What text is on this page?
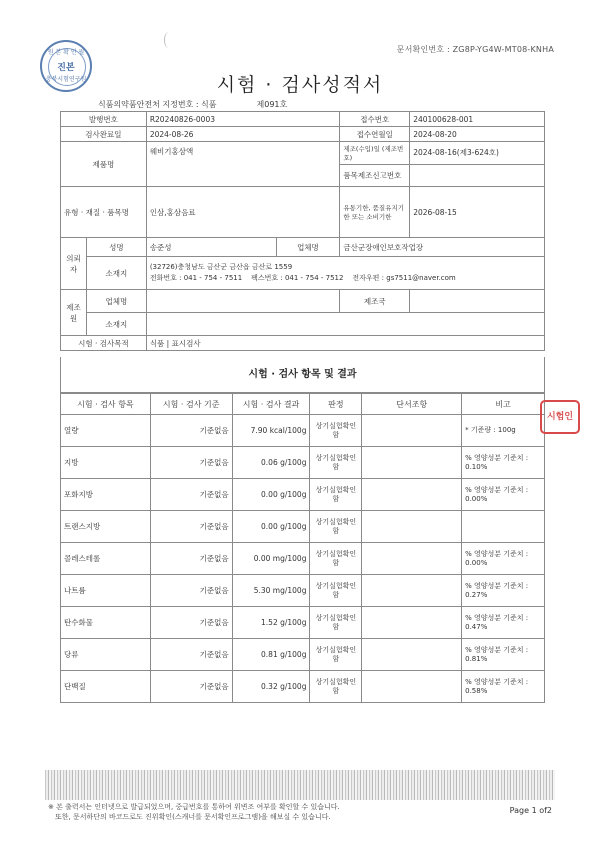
문서확인번호 : ZG8P-YG4W-MT08-KNHA
원 본 확 인 필
진본
충북시험연구원	시험 · 검사성적서
식품의약품안전처 지정번호 : 식품	제091호
발행번호		R20240826-0003		접수번호	240100628-001
검사완료일		2024-08-26		접수연월일	2024-08-20
제품명		웨비기홍삼액		제조(수입)일 (제조번호)	2024-08-16(제3-624호)
				품목제조신고번호	
유형 · 재질 · 품목명		인삼,홍삼음료		유통기한, 품질유지기한 또는 소비기한	2026-08-15
의뢰자	성명	송준성	업체명	금산군장애인보호작업장	
	소재지	(32726)충청남도 금산군 금산읍 금산로 1559
전화번호 : 041 - 754 - 7511 팩스번호 : 041 - 754 - 7512 전자우편 : gs7511@naver.com			

제조원	업체명			제조국	
	소재지				
시험 · 검사목적		식품 | 표시검사			
시험 · 검사 항목 및 결과
시험 · 검사 항목	시험 · 검사 기준	시험 · 검사 결과	판정	단서조항	비고
열량	기준없음	7.90 kcal/100g	상기실험확인함		* 기준량 : 100g
지방	기준없음	0.06 g/100g	상기실험확인함		% 영양성분 기준치 : 0.10%
포화지방	기준없음	0.00 g/100g	상기실험확인함		% 영양성분 기준치 : 0.00%
트랜스지방	기준없음	0.00 g/100g	상기실험확인함		
콜레스테롤	기준없음	0.00 mg/100g	상기실험확인함		% 영양성분 기준치 : 0.00%
나트륨	기준없음	5.30 mg/100g	상기실험확인함		% 영양성분 기준치 : 0.27%
탄수화물	기준없음	1.52 g/100g	상기실험확인함		% 영양성분 기준치 : 0.47%
당류	기준없음	0.81 g/100g	상기실험확인함		% 영양성분 기준치 : 0.81%
단백질	기준없음	0.32 g/100g	상기실험확인함		% 영양성분 기준치 : 0.58%
시험인
※ 본 출력서는 인터넷으로 발급되었으며, 중급번호를 통하여 위변조 여부를 확인할 수 있습니다.
또한, 문서하단의 바코드로도 진위확인(스캐너를 문서확인프로그램)을 해보실 수 있습니다.
Page 1 of2
